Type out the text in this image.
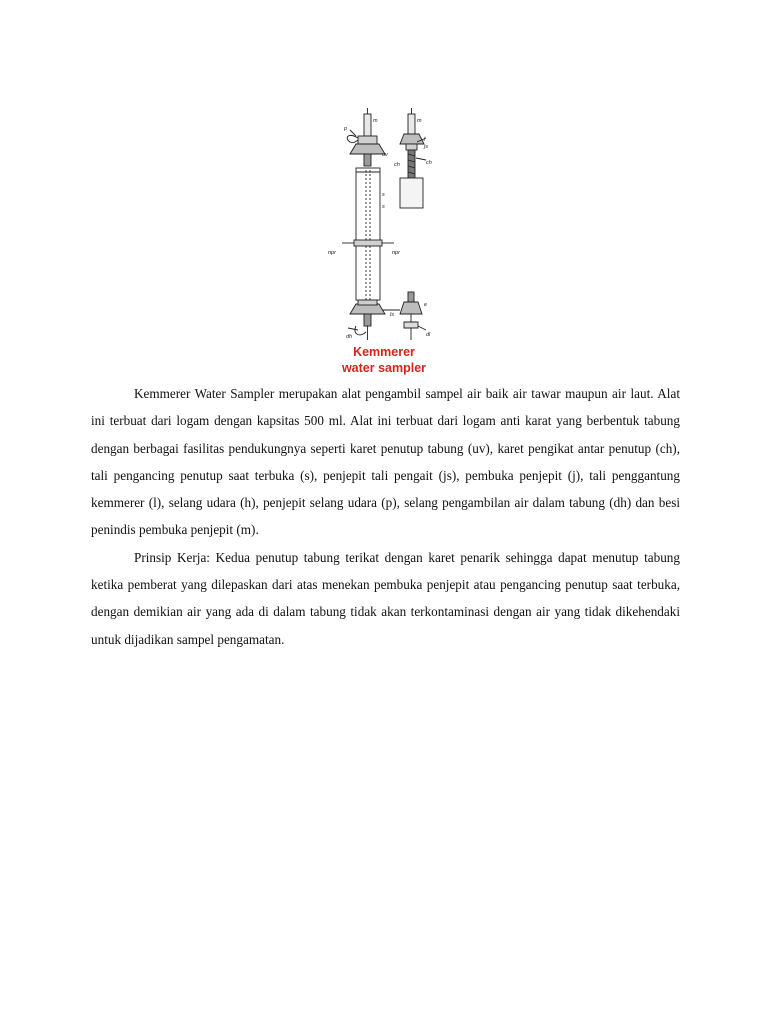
p
m	m
j
js
uv
ch	ch
s
s
npr	npr
ls
e
dh	dl
Kemmerer
water sampler

Kemmerer Water Sampler merupakan alat pengambil sampel air baik air tawar maupun air laut. Alat ini terbuat dari logam dengan kapsitas 500 ml. Alat ini terbuat dari logam anti karat yang berbentuk tabung dengan berbagai fasilitas pendukungnya seperti karet penutup tabung (uv), karet pengikat antar penutup (ch), tali pengancing penutup saat terbuka (s), penjepit tali pengait (js), pembuka penjepit (j), tali penggantung kemmerer (l), selang udara (h), penjepit selang udara (p), selang pengambilan air dalam tabung (dh) dan besi penindis pembuka penjepit (m).

Prinsip Kerja: Kedua penutup tabung terikat dengan karet penarik sehingga dapat menutup tabung ketika pemberat yang dilepaskan dari atas menekan pembuka penjepit atau pengancing penutup saat terbuka, dengan demikian air yang ada di dalam tabung tidak akan terkontaminasi dengan air yang tidak dikehendaki untuk dijadikan sampel pengamatan.
